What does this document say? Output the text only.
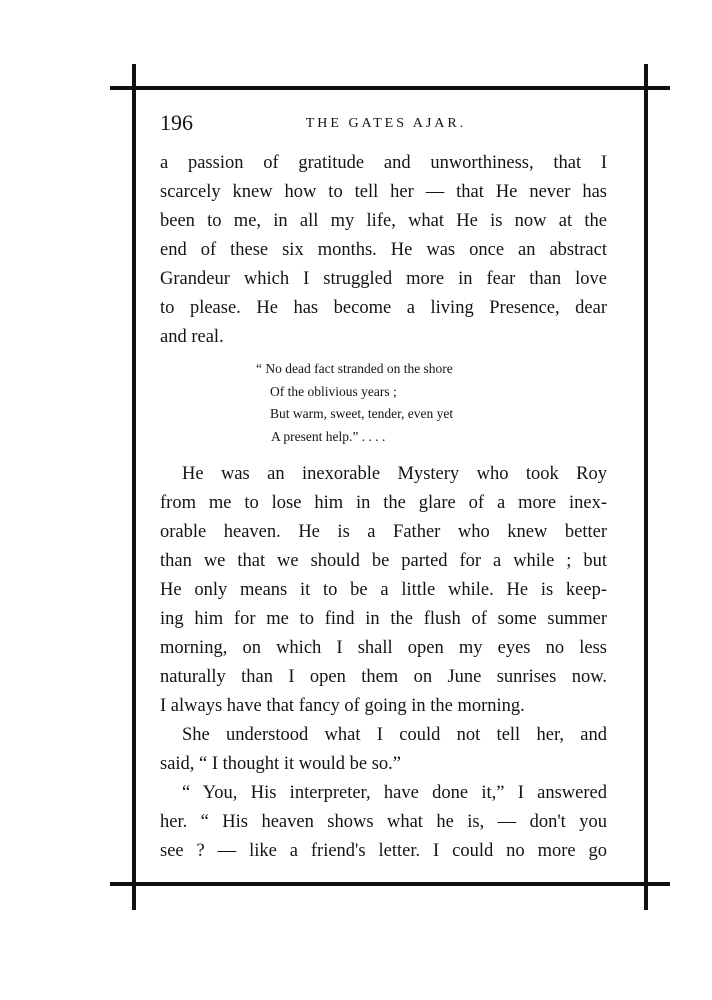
196	THE GATES AJAR.
a passion of gratitude and unworthiness, that I
scarcely knew how to tell her — that He never has
been to me, in all my life, what He is now at the
end of these six months. He was once an abstract
Grandeur which I struggled more in fear than love
to please. He has become a living Presence, dear
and real.
“ No dead fact stranded on the shore
Of the oblivious years ;
But warm, sweet, tender, even yet
A present help.” . . . .
He was an inexorable Mystery who took Roy
from me to lose him in the glare of a more inex-
orable heaven. He is a Father who knew better
than we that we should be parted for a while ; but
He only means it to be a little while. He is keep-
ing him for me to find in the flush of some summer
morning, on which I shall open my eyes no less
naturally than I open them on June sunrises now.
I always have that fancy of going in the morning.
She understood what I could not tell her, and
said, “ I thought it would be so.”
“ You, His interpreter, have done it,” I answered
her. “ His heaven shows what he is, — don't you
see ? — like a friend's letter. I could no more go
